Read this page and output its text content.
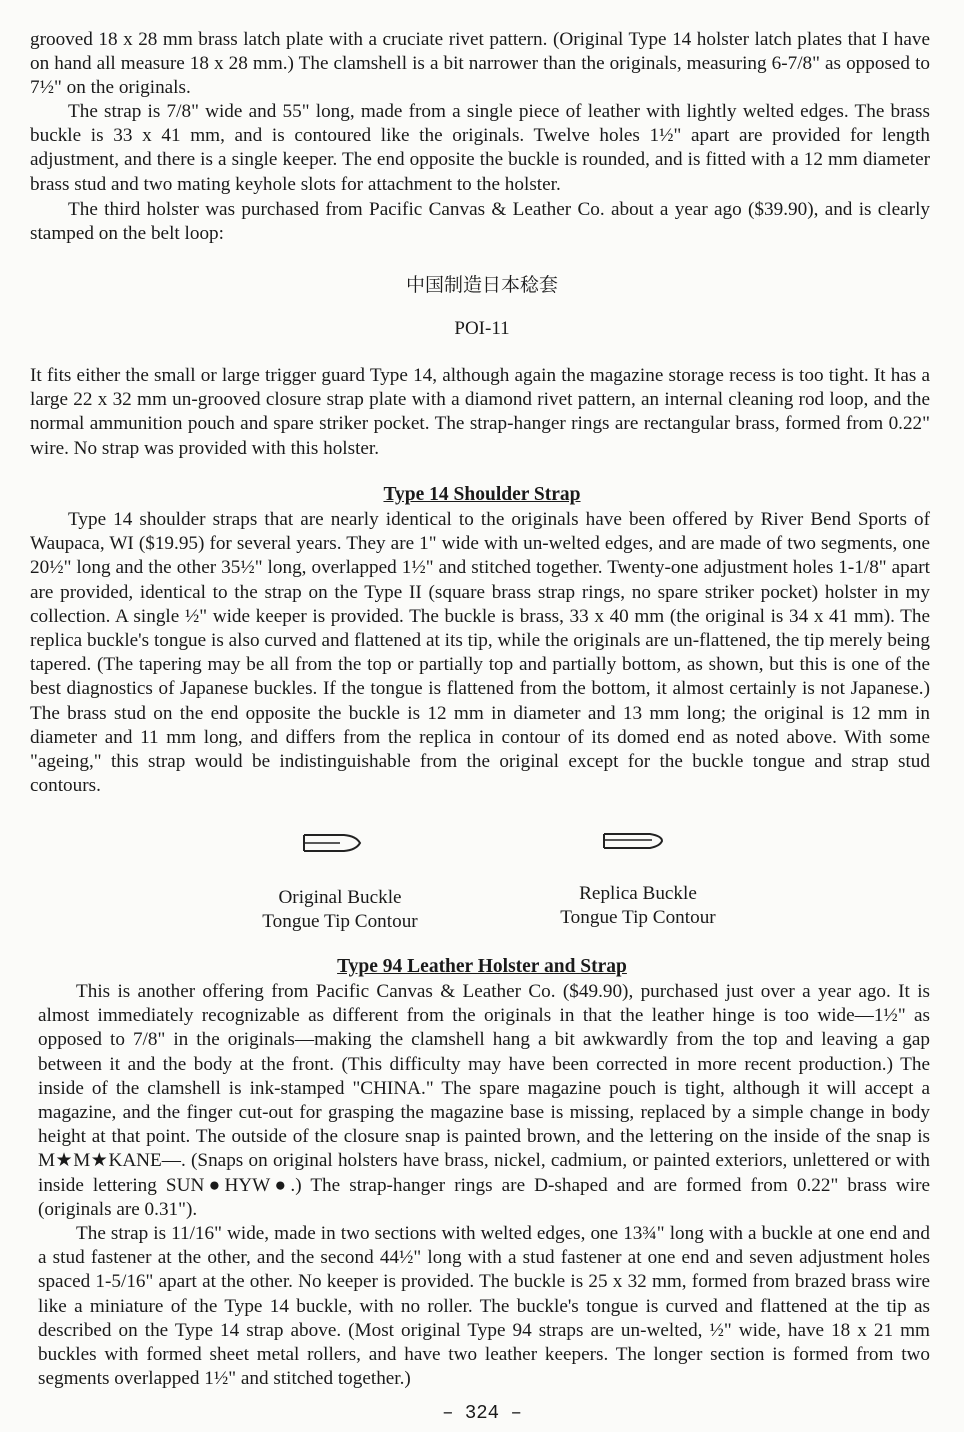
grooved 18 x 28 mm brass latch plate with a cruciate rivet pattern. (Original Type 14 holster latch plates that I have on hand all measure 18 x 28 mm.) The clamshell is a bit narrower than the originals, measuring 6-7/8" as opposed to 7½" on the originals.

The strap is 7/8" wide and 55" long, made from a single piece of leather with lightly welted edges. The brass buckle is 33 x 41 mm, and is contoured like the originals. Twelve holes 1½" apart are provided for length adjustment, and there is a single keeper. The end opposite the buckle is rounded, and is fitted with a 12 mm diameter brass stud and two mating keyhole slots for attachment to the holster.

The third holster was purchased from Pacific Canvas & Leather Co. about a year ago ($39.90), and is clearly stamped on the belt loop:

中国制造日本稔套

POI-11

It fits either the small or large trigger guard Type 14, although again the magazine storage recess is too tight. It has a large 22 x 32 mm un-grooved closure strap plate with a diamond rivet pattern, an internal cleaning rod loop, and the normal ammunition pouch and spare striker pocket. The strap-hanger rings are rectangular brass, formed from 0.22" wire. No strap was provided with this holster.

Type 14 Shoulder Strap

Type 14 shoulder straps that are nearly identical to the originals have been offered by River Bend Sports of Waupaca, WI ($19.95) for several years. They are 1" wide with un-welted edges, and are made of two segments, one 20½" long and the other 35½" long, overlapped 1½" and stitched together. Twenty-one adjustment holes 1-1/8" apart are provided, identical to the strap on the Type II (square brass strap rings, no spare striker pocket) holster in my collection. A single ½" wide keeper is provided. The buckle is brass, 33 x 40 mm (the original is 34 x 41 mm). The replica buckle's tongue is also curved and flattened at its tip, while the originals are un-flattened, the tip merely being tapered. (The tapering may be all from the top or partially top and partially bottom, as shown, but this is one of the best diagnostics of Japanese buckles. If the tongue is flattened from the bottom, it almost certainly is not Japanese.) The brass stud on the end opposite the buckle is 12 mm in diameter and 13 mm long; the original is 12 mm in diameter and 11 mm long, and differs from the replica in contour of its domed end as noted above. With some "ageing," this strap would be indistinguishable from the original except for the buckle tongue and strap stud contours.

Original Buckle
Tongue Tip Contour
Replica Buckle
Tongue Tip Contour

Type 94 Leather Holster and Strap

This is another offering from Pacific Canvas & Leather Co. ($49.90), purchased just over a year ago. It is almost immediately recognizable as different from the originals in that the leather hinge is too wide—1½" as opposed to 7/8" in the originals—making the clamshell hang a bit awkwardly from the top and leaving a gap between it and the body at the front. (This difficulty may have been corrected in more recent production.) The inside of the clamshell is ink-stamped "CHINA." The spare magazine pouch is tight, although it will accept a magazine, and the finger cut-out for grasping the magazine base is missing, replaced by a simple change in body height at that point. The outside of the closure snap is painted brown, and the lettering on the inside of the snap is M★M★KANE—. (Snaps on original holsters have brass, nickel, cadmium, or painted exteriors, unlettered or with inside lettering SUN●HYW●.) The strap-hanger rings are D-shaped and are formed from 0.22" brass wire (originals are 0.31").

The strap is 11/16" wide, made in two sections with welted edges, one 13¾" long with a buckle at one end and a stud fastener at the other, and the second 44½" long with a stud fastener at one end and seven adjustment holes spaced 1-5/16" apart at the other. No keeper is provided. The buckle is 25 x 32 mm, formed from brazed brass wire like a miniature of the Type 14 buckle, with no roller. The buckle's tongue is curved and flattened at the tip as described on the Type 14 strap above. (Most original Type 94 straps are un-welted, ½" wide, have 18 x 21 mm buckles with formed sheet metal rollers, and have two leather keepers. The longer section is formed from two segments overlapped 1½" and stitched together.)

– 324 –
